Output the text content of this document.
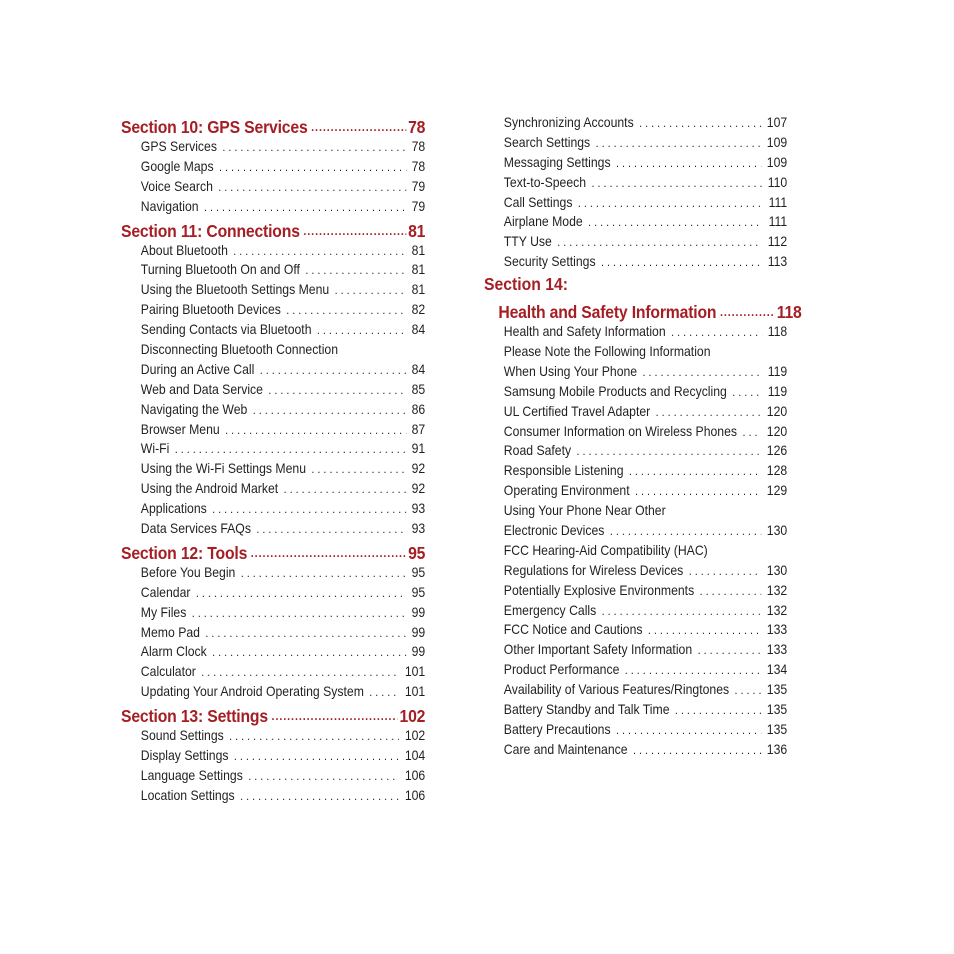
Section 10: GPS Services .....	78
GPS Services . . .	78
Google Maps . . .	78
Voice Search . . .	79
Navigation . . .	79
Section 11: Connections .....	81
About Bluetooth . . .	81
Turning Bluetooth On and Off . . .	81
Using the Bluetooth Settings Menu . . .	81
Pairing Bluetooth Devices . . .	82
Sending Contacts via Bluetooth . . .	84
Disconnecting Bluetooth Connection
During an Active Call . . .	84
Web and Data Service . . .	85
Navigating the Web . . .	86
Browser Menu . . .	87
Wi-Fi . . .	91
Using the Wi-Fi Settings Menu . . .	92
Using the Android Market . . .	92
Applications . . .	93
Data Services FAQs . . .	93
Section 12: Tools .....	95
Before You Begin . . .	95
Calendar . . .	95
My Files . . .	99
Memo Pad . . .	99
Alarm Clock . . .	99
Calculator . . .	101
Updating Your Android Operating System . . .	101
Section 13: Settings .....	102
Sound Settings . . .	102
Display Settings . . .	104
Language Settings . . .	106
Location Settings . . .	106
Synchronizing Accounts . . .	107
Search Settings . . .	109
Messaging Settings . . .	109
Text-to-Speech . . .	110
Call Settings . . .	111
Airplane Mode . . .	111
TTY Use . . .	112
Security Settings . . .	113
Section 14:
Health and Safety Information .....	118
Health and Safety Information . . .	118
Please Note the Following Information
When Using Your Phone . . .	119
Samsung Mobile Products and Recycling . . .	119
UL Certified Travel Adapter . . .	120
Consumer Information on Wireless Phones . . . 120
Road Safety . . .	126
Responsible Listening . . .	128
Operating Environment . . .	129
Using Your Phone Near Other
Electronic Devices . . .	130
FCC Hearing-Aid Compatibility (HAC)
Regulations for Wireless Devices . . .	130
Potentially Explosive Environments . . .	132
Emergency Calls . . .	132
FCC Notice and Cautions . . .	133
Other Important Safety Information . . .	133
Product Performance . . .	134
Availability of Various Features/Ringtones . . .	135
Battery Standby and Talk Time . . .	135
Battery Precautions . . .	135
Care and Maintenance . . .	136
